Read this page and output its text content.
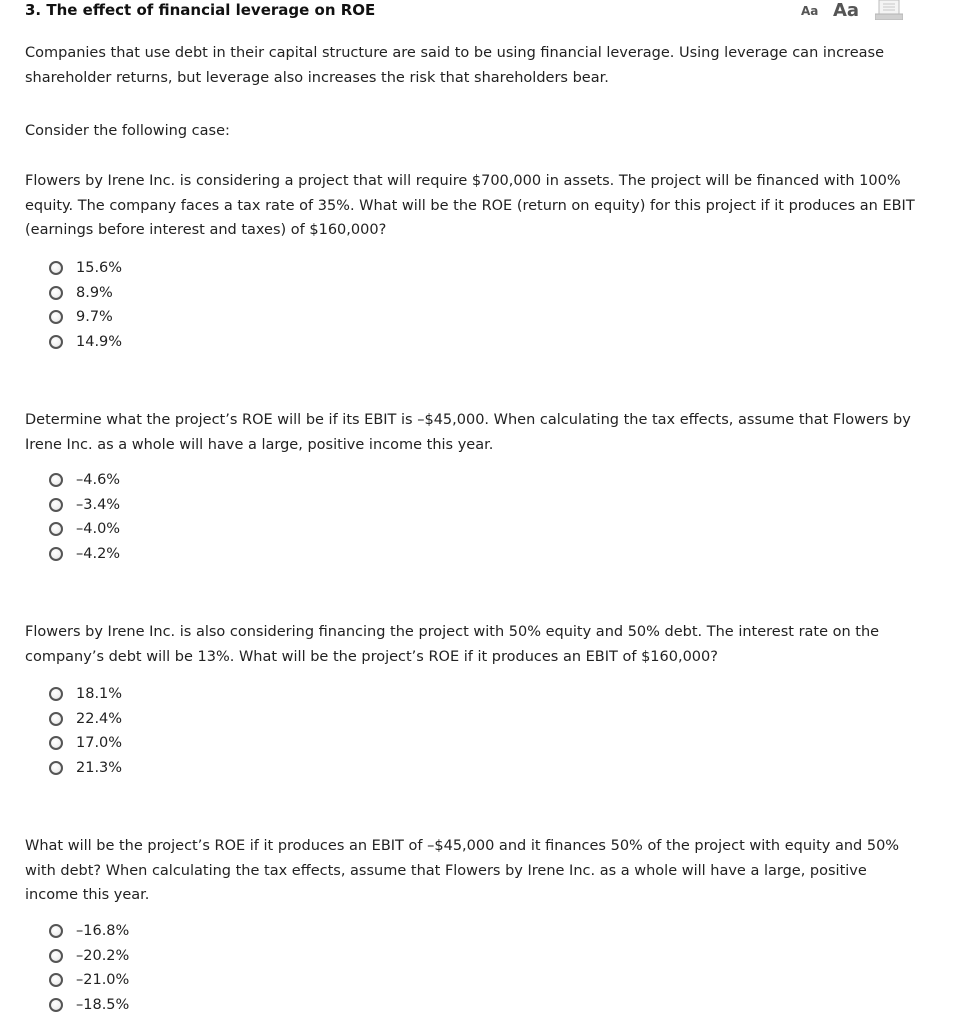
3. The effect of financial leverage on ROE	Aa Aa

Companies that use debt in their capital structure are said to be using financial leverage. Using leverage can increase shareholder returns, but leverage also increases the risk that shareholders bear.

Consider the following case:

Flowers by Irene Inc. is considering a project that will require $700,000 in assets. The project will be financed with 100% equity. The company faces a tax rate of 35%. What will be the ROE (return on equity) for this project if it produces an EBIT (earnings before interest and taxes) of $160,000?

15.6%
8.9%
9.7%
14.9%

Determine what the project’s ROE will be if its EBIT is –$45,000. When calculating the tax effects, assume that Flowers by Irene Inc. as a whole will have a large, positive income this year.

–4.6%
–3.4%
–4.0%
–4.2%

Flowers by Irene Inc. is also considering financing the project with 50% equity and 50% debt. The interest rate on the company’s debt will be 13%. What will be the project’s ROE if it produces an EBIT of $160,000?

18.1%
22.4%
17.0%
21.3%

What will be the project’s ROE if it produces an EBIT of –$45,000 and it finances 50% of the project with equity and 50% with debt? When calculating the tax effects, assume that Flowers by Irene Inc. as a whole will have a large, positive income this year.

–16.8%
–20.2%
–21.0%
–18.5%
